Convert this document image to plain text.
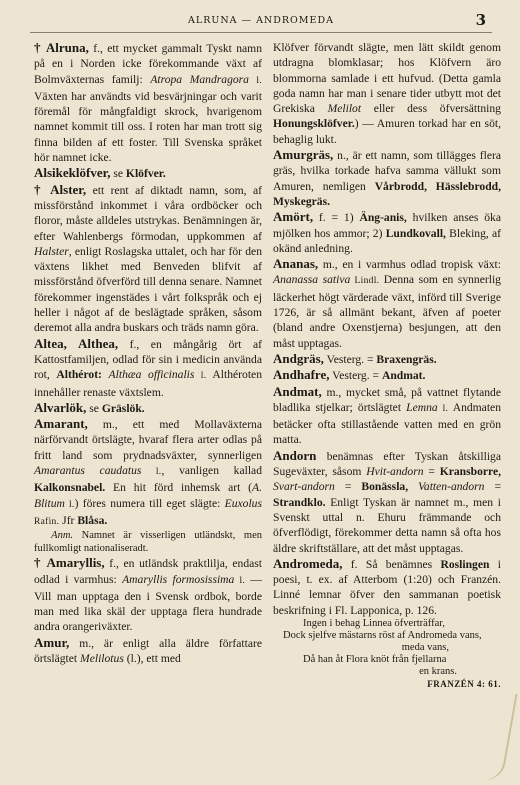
ALRUNA — ANDROMEDA	3

† Alruna, f., ett mycket gammalt Tyskt namn på en i Norden icke förekommande växt af Bolmväxternas familj: Atropa Mandragora l. Växten har användts vid besvärjningar och varit föremål för mångfaldigt skrock, hvarigenom namnet kommit till oss. I roten har man trott sig finna bilden af ett foster. Till Svenska språket hör namnet icke.

Alsikeklöfver, se Klöfver.

† Alster, ett rent af diktadt namn, som, af missförstånd inkommet i våra ordböcker och floror, måste alldeles utstrykas. Benämningen är, efter Wahlenbergs förmodan, uppkommen af Halster, enligt Roslagska uttalet, och har för den växtens likhet med Benveden blifvit af missförstånd öfverförd till denna senare. Namnet förekommer ingenstädes i vårt folkspråk och ej heller i något af de beslägtade språken, såsom deremot alla andra buskars och träds namn göra.

Altea, Althea, f., en mångårig ört af Kattostfamiljen, odlad för sin i medicin använda rot, Althérot: Althæa officinalis l. Althéroten innehåller renaste växtslem.

Alvarlök, se Gräslök.

Amarant, m., ett med Mollaväxterna närförvandt örtslägte, hvaraf flera arter odlas på fritt land som prydnadsväxter, synnerligen Amarantus caudatus l., vanligen kallad Kalkonsnabel. En hit förd inhemsk art (A. Blitum l.) föres numera till eget slägte: Euxolus Rafin. Jfr Blåsa.

Anm. Namnet är visserligen utländskt, men fullkomligt nationaliseradt.

† Amaryllis, f., en utländsk praktlilja, endast odlad i varmhus: Amaryllis formosissima l. — Vill man upptaga den i Svensk ordbok, borde man med lika skäl der upptaga flera hundrade andra orangeriväxter.

Amur, m., är enligt alla äldre författare örtslägtet Melilotus (l.), ett med

Klöfver förvandt slägte, men lätt skildt genom utdragna blomklasar; hos Klöfvern äro blommorna samlade i ett hufvud. (Detta gamla goda namn har man i senare tider utbytt mot det Grekiska Melilot eller dess öfversättning Honungsklöfver.) — Amuren torkad har en söt, behaglig lukt.

Amurgräs, n., är ett namn, som tillägges flera gräs, hvilka torkade hafva samma vällukt som Amuren, nemligen Vårbrodd, Hässlebrodd, Myskegräs.

Amört, f. = 1) Äng-anis, hvilken anses öka mjölken hos ammor; 2) Lundkovall, Bleking, af okänd anledning.

Ananas, m., en i varmhus odlad tropisk växt: Ananassa sativa Lindl. Denna som en synnerlig läckerhet högt värderade växt, införd till Sverige 1726, är så allmänt bekant, äfven af poeter (bland andre Oxenstjerna) besjungen, att den måst upptagas.

Andgräs, Vesterg. = Braxengräs.

Andhafre, Vesterg. = Andmat.

Andmat, m., mycket små, på vattnet flytande bladlika stjelkar; örtslägtet Lemna l. Andmaten betäcker ofta stillastående vatten med en grön matta.

Andorn benämnas efter Tyskan åtskilliga Sugeväxter, såsom Hvit-andorn = Kransborre, Svart-andorn = Bonässla, Vatten-andorn = Strandklo. Enligt Tyskan är namnet m., men i Svenskt uttal n. Ehuru främmande och öfverflödigt, förekommer detta namn så ofta hos äldre skriftställare, att det måst upptagas.

Andromeda, f. Så benämnes Roslingen i poesi, t. ex. af Atterbom (1:20) och Franzén. Linné lemnar öfver den sammanan poetisk beskrifning i Fl. Lapponica, p. 126.

Ingen i behag Linnea öfverträffar,
Dock sjelfve mästarns röst af Andromeda vans,
meda vans,
Då han åt Flora knöt från fjellarna
en krans.
FRANZÉN 4: 61.
